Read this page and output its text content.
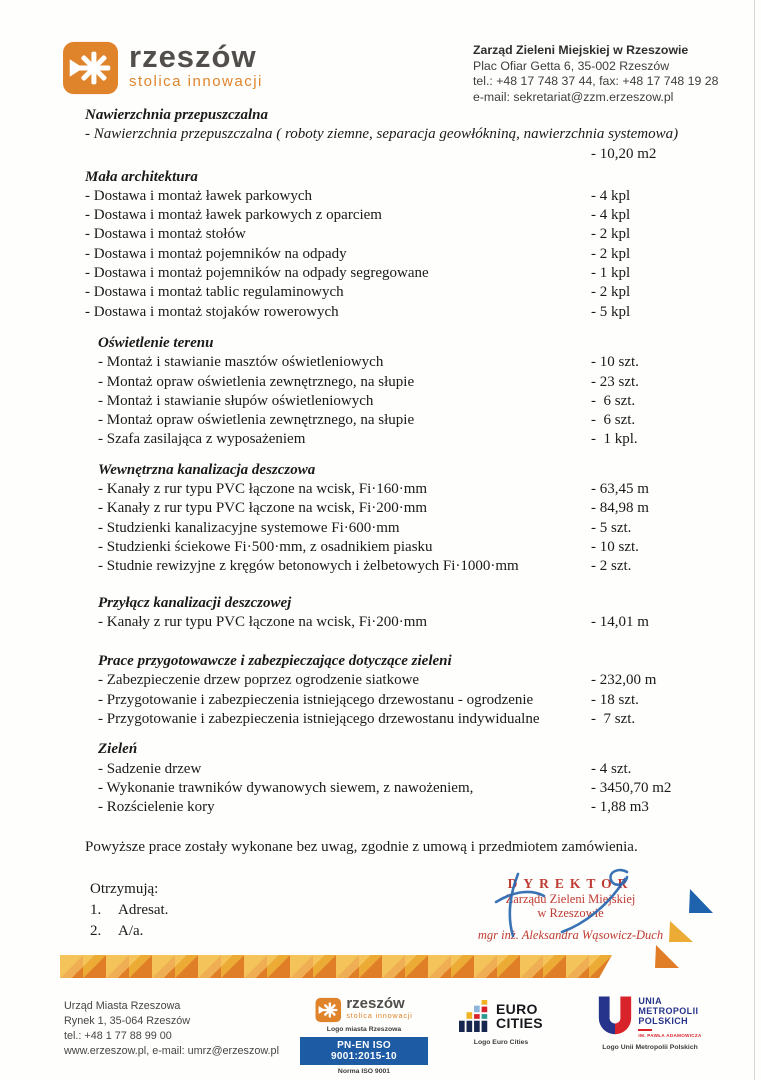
rzeszów
stolica innowacji
Zarząd Zieleni Miejskiej w Rzeszowie
Plac Ofiar Getta 6, 35-002 Rzeszów
tel.: +48 17 748 37 44, fax: +48 17 748 19 28
e-mail: sekretariat@zzm.erzeszow.pl
Nawierzchnia przepuszczalna
- Nawierzchnia przepuszczalna ( roboty ziemne, separacja geowłókniną, nawierzchnia systemowa)
- 10,20 m2
Mała architektura
- Dostawa i montaż ławek parkowych	- 4 kpl
- Dostawa i montaż ławek parkowych z oparciem	- 4 kpl
- Dostawa i montaż stołów	- 2 kpl
- Dostawa i montaż pojemników na odpady	- 2 kpl
- Dostawa i montaż pojemników na odpady segregowane	- 1 kpl
- Dostawa i montaż tablic regulaminowych	- 2 kpl
- Dostawa i montaż stojaków rowerowych	- 5 kpl
Oświetlenie terenu
- Montaż i stawianie masztów oświetleniowych	- 10 szt.
- Montaż opraw oświetlenia zewnętrznego, na słupie	- 23 szt.
- Montaż i stawianie słupów oświetleniowych	-  6 szt.
- Montaż opraw oświetlenia zewnętrznego, na słupie	-  6 szt.
- Szafa zasilająca z wyposażeniem	-  1 kpl.
Wewnętrzna kanalizacja deszczowa
- Kanały z rur typu PVC łączone na wcisk, Fi·160·mm	- 63,45 m
- Kanały z rur typu PVC łączone na wcisk, Fi·200·mm	- 84,98 m
- Studzienki kanalizacyjne systemowe Fi·600·mm	- 5 szt.
- Studzienki ściekowe Fi·500·mm, z osadnikiem piasku	- 10 szt.
- Studnie rewizyjne z kręgów betonowych i żelbetowych Fi·1000·mm	- 2 szt.
Przyłącz kanalizacji deszczowej
- Kanały z rur typu PVC łączone na wcisk, Fi·200·mm	- 14,01 m
Prace przygotowawcze i zabezpieczające dotyczące zieleni
- Zabezpieczenie drzew poprzez ogrodzenie siatkowe	- 232,00 m
- Przygotowanie i zabezpieczenia istniejącego drzewostanu - ogrodzenie	- 18 szt.
- Przygotowanie i zabezpieczenia istniejącego drzewostanu indywidualne	-  7 szt.
Zieleń
- Sadzenie drzew	- 4 szt.
- Wykonanie trawników dywanowych siewem, z nawożeniem,	- 3450,70 m2
- Rozścielenie kory	- 1,88 m3

Powyższe prace zostały wykonane bez uwag, zgodnie z umową i przedmiotem zamówienia.

Otrzymują:
1.	Adresat.
2.	A/a.
DYREKTOR
Zarządu Zieleni Miejskiej
w Rzeszowie
mgr inż. Aleksandra Wąsowicz-Duch
Urząd Miasta Rzeszowa
Rynek 1, 35-064 Rzeszów
tel.: +48 1 77 88 99 00
www.erzeszow.pl, e-mail: umrz@erzeszow.pl
rzeszów
stolica innowacji
Logo miasta Rzeszowa
PN-EN ISO 9001:2015-10
Norma ISO 9001
EURO
CITIES
Logo Euro Cities
UNIA
METROPOLII
POLSKICH
IM. PAWŁA ADAMOWICZA
Logo Unii Metropolii Polskich
